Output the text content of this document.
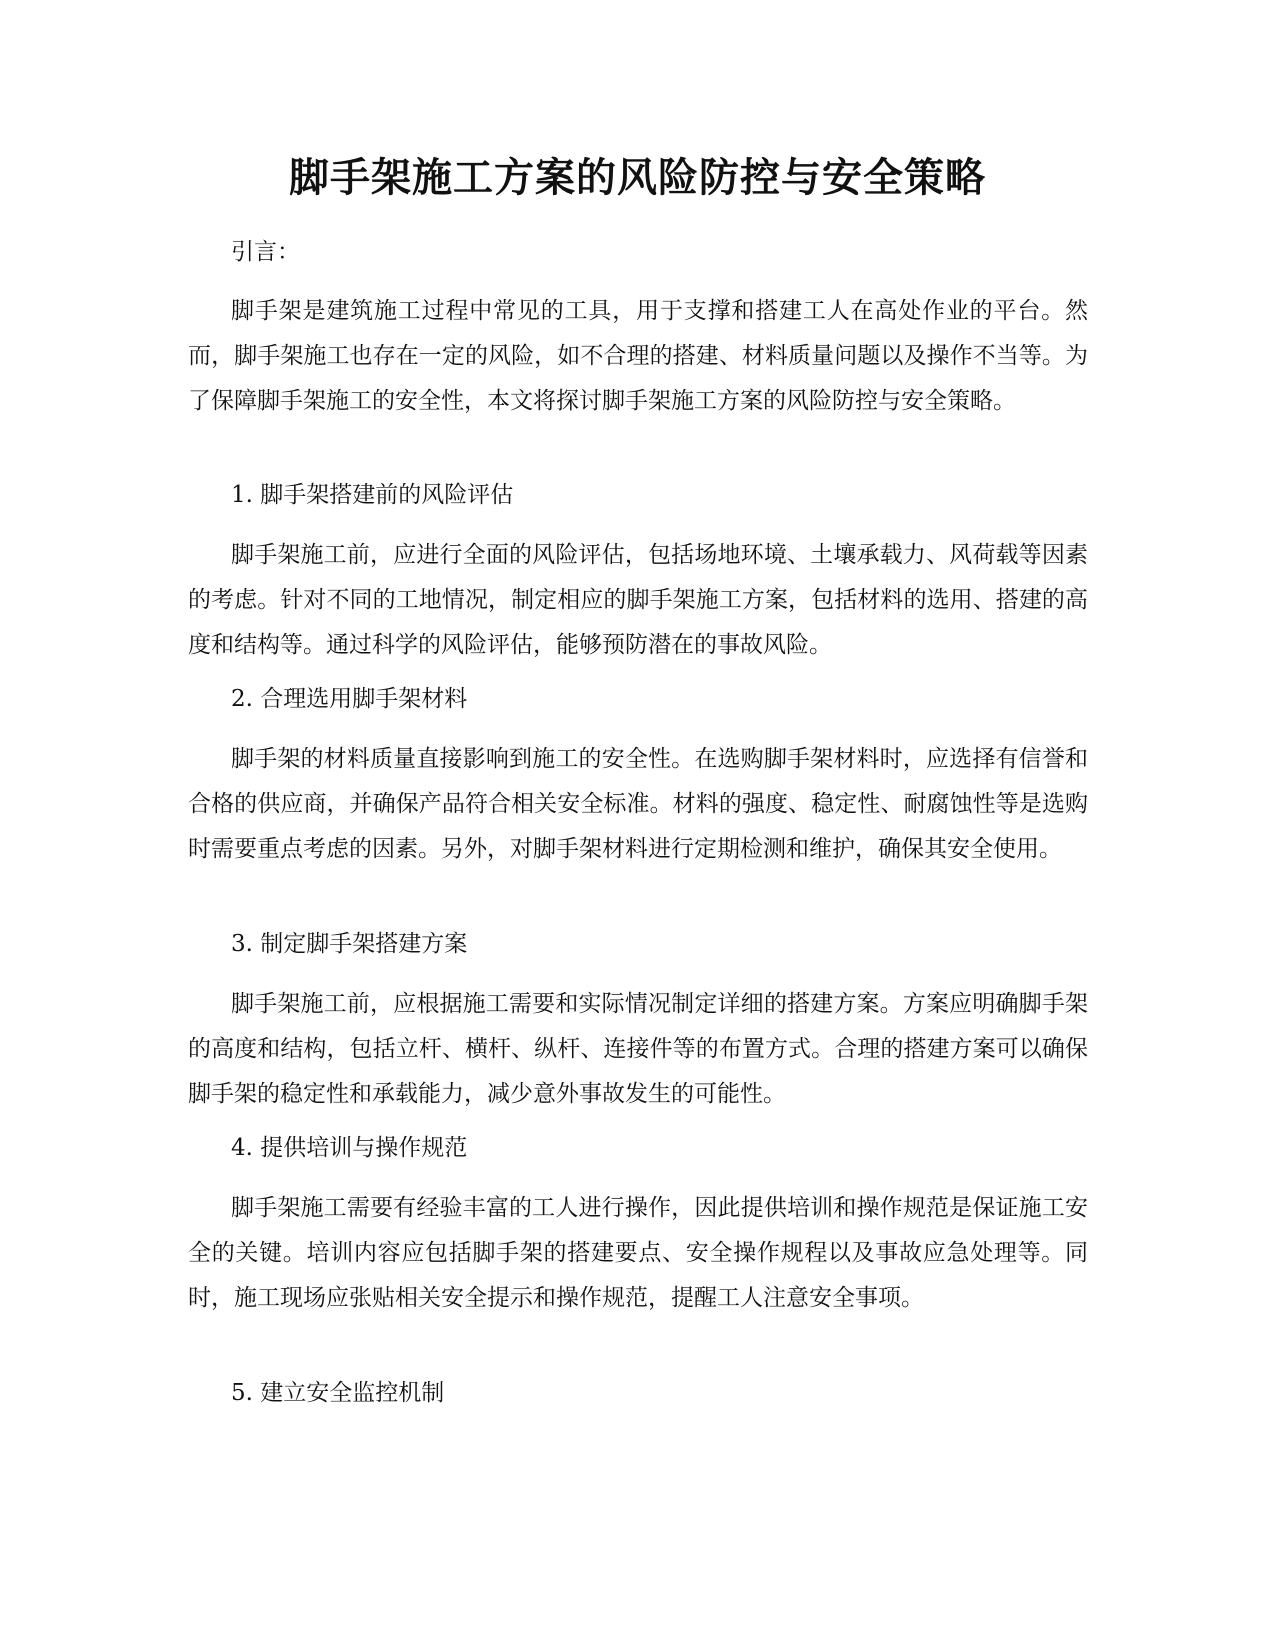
脚手架施工方案的风险防控与安全策略

引言：

脚手架是建筑施工过程中常见的工具，用于支撑和搭建工人在高处作业的平台。然而，脚手架施工也存在一定的风险，如不合理的搭建、材料质量问题以及操作不当等。为了保障脚手架施工的安全性，本文将探讨脚手架施工方案的风险防控与安全策略。

1. 脚手架搭建前的风险评估

脚手架施工前，应进行全面的风险评估，包括场地环境、土壤承载力、风荷载等因素的考虑。针对不同的工地情况，制定相应的脚手架施工方案，包括材料的选用、搭建的高度和结构等。通过科学的风险评估，能够预防潜在的事故风险。

2. 合理选用脚手架材料

脚手架的材料质量直接影响到施工的安全性。在选购脚手架材料时，应选择有信誉和合格的供应商，并确保产品符合相关安全标准。材料的强度、稳定性、耐腐蚀性等是选购时需要重点考虑的因素。另外，对脚手架材料进行定期检测和维护，确保其安全使用。

3. 制定脚手架搭建方案

脚手架施工前，应根据施工需要和实际情况制定详细的搭建方案。方案应明确脚手架的高度和结构，包括立杆、横杆、纵杆、连接件等的布置方式。合理的搭建方案可以确保脚手架的稳定性和承载能力，减少意外事故发生的可能性。

4. 提供培训与操作规范

脚手架施工需要有经验丰富的工人进行操作，因此提供培训和操作规范是保证施工安全的关键。培训内容应包括脚手架的搭建要点、安全操作规程以及事故应急处理等。同时，施工现场应张贴相关安全提示和操作规范，提醒工人注意安全事项。

5. 建立安全监控机制
